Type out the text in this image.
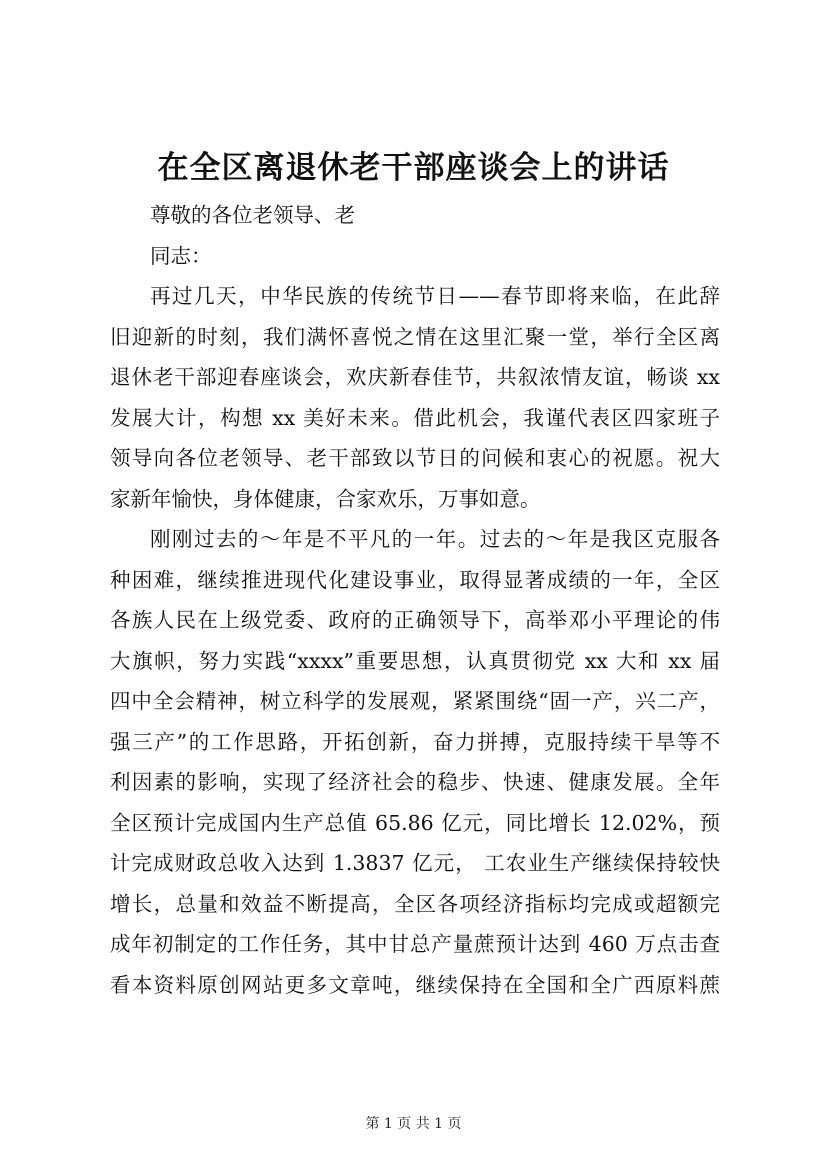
在全区离退休老干部座谈会上的讲话
尊敬的各位老领导、老
同志：
再过几天，中华民族的传统节日——春节即将来临，在此辞
旧迎新的时刻，我们满怀喜悦之情在这里汇聚一堂，举行全区离
退休老干部迎春座谈会，欢庆新春佳节，共叙浓情友谊，畅谈 xx
发展大计，构想 xx 美好未来。借此机会，我谨代表区四家班子
领导向各位老领导、老干部致以节日的问候和衷心的祝愿。祝大
家新年愉快，身体健康，合家欢乐，万事如意。
刚刚过去的～年是不平凡的一年。过去的～年是我区克服各
种困难，继续推进现代化建设事业，取得显著成绩的一年，全区
各族人民在上级党委、政府的正确领导下，高举邓小平理论的伟
大旗帜，努力实践“xxxx”重要思想，认真贯彻党 xx 大和 xx 届
四中全会精神，树立科学的发展观，紧紧围绕“固一产，兴二产，
强三产”的工作思路，开拓创新，奋力拼搏，克服持续干旱等不
利因素的影响，实现了经济社会的稳步、快速、健康发展。全年
全区预计完成国内生产总值 65.86 亿元，同比增长 12.02%，预
计完成财政总收入达到 1.3837 亿元， 工农业生产继续保持较快
增长，总量和效益不断提高，全区各项经济指标均完成或超额完
成年初制定的工作任务，其中甘总产量蔗预计达到 460 万点击查
看本资料原创网站更多文章吨，继续保持在全国和全广西原料蔗
第 1 页 共 1 页
